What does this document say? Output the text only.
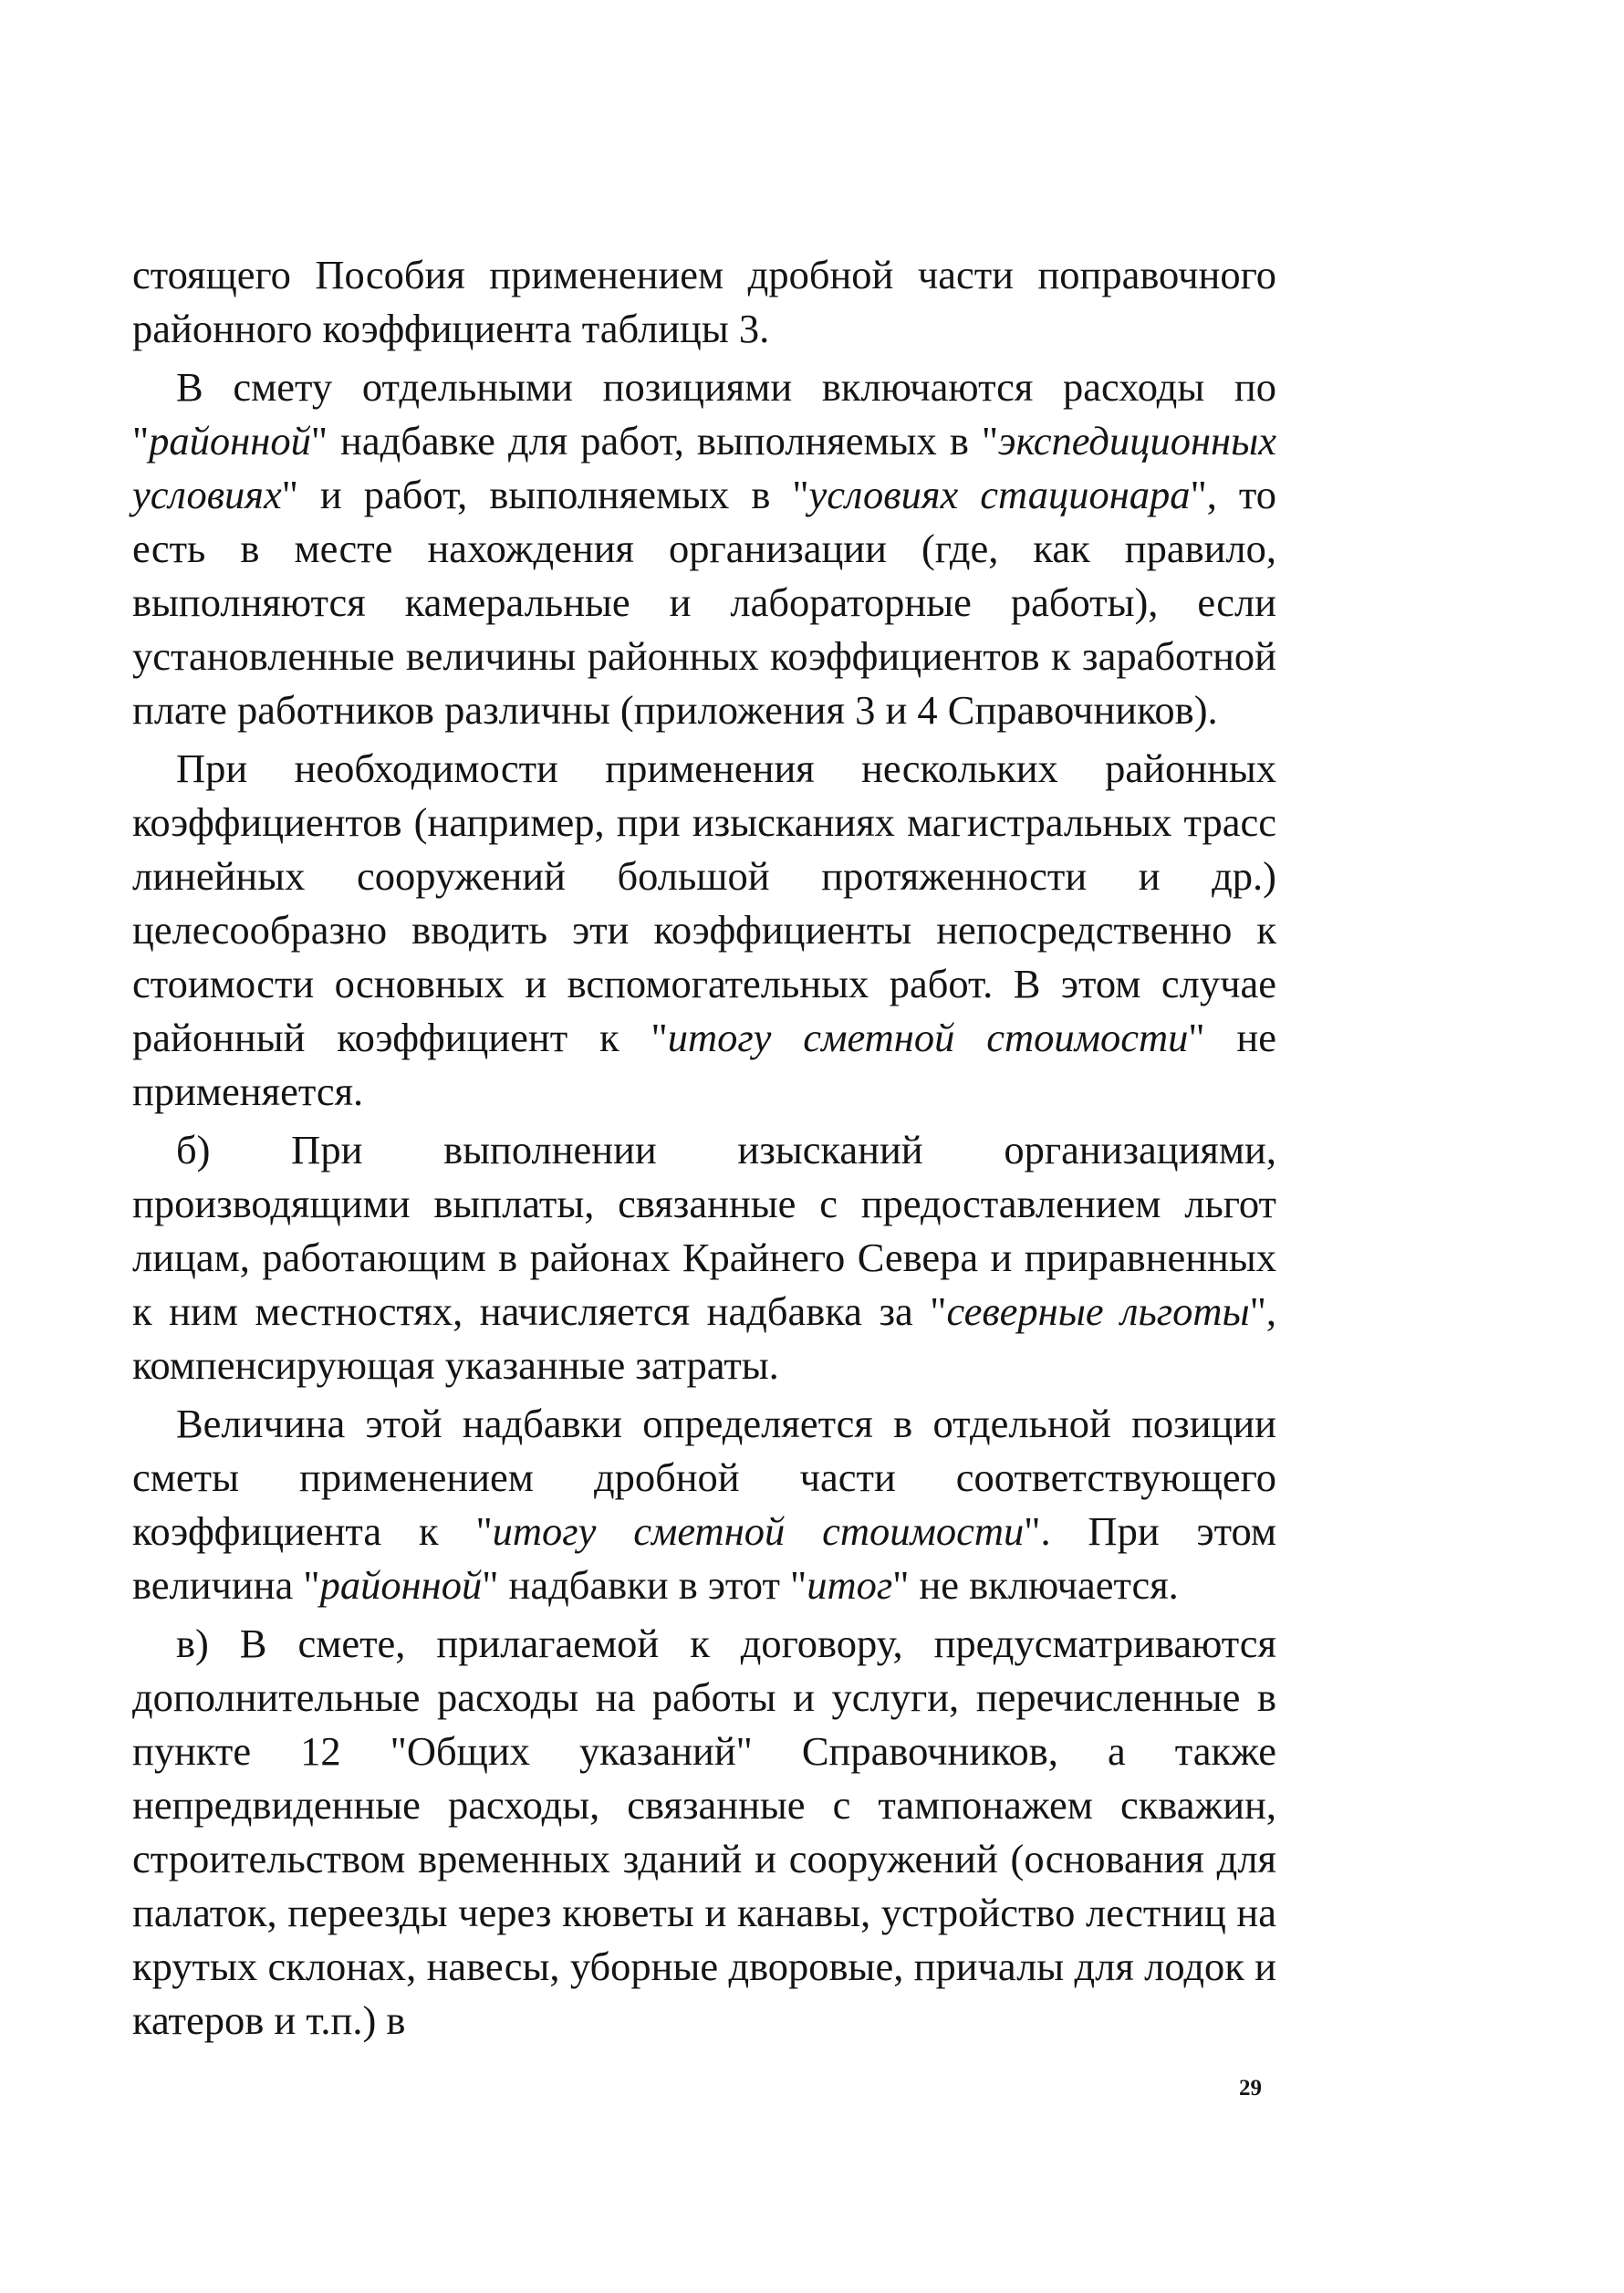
стоящего Пособия применением дробной части поправочного районного коэффициента таблицы 3.

В смету отдельными позициями включаются расходы по "районной" надбавке для работ, выполняемых в "экспедиционных условиях" и работ, выполняемых в "условиях стационара", то есть в месте нахождения организации (где, как правило, выполняются камеральные и лабораторные работы), если установленные величины районных коэффициентов к заработной плате работников различны (приложения 3 и 4 Справочников).

При необходимости применения нескольких районных коэффициентов (например, при изысканиях магистральных трасс линейных сооружений большой протяженности и др.) целесообразно вводить эти коэффициенты непосредственно к стоимости основных и вспомогательных работ. В этом случае районный коэффициент к "итогу сметной стоимости" не применяется.

б) При выполнении изысканий организациями, производящими выплаты, связанные с предоставлением льгот лицам, работающим в районах Крайнего Севера и приравненных к ним местностях, начисляется надбавка за "северные льготы", компенсирующая указанные затраты.

Величина этой надбавки определяется в отдельной позиции сметы применением дробной части соответствующего коэффициента к "итогу сметной стоимости". При этом величина "районной" надбавки в этот "итог" не включается.

в) В смете, прилагаемой к договору, предусматриваются дополнительные расходы на работы и услуги, перечисленные в пункте 12 "Общих указаний" Справочников, а также непредвиденные расходы, связанные с тампонажем скважин, строительством временных зданий и сооружений (основания для палаток, переезды через кюветы и канавы, устройство лестниц на крутых склонах, навесы, уборные дворовые, причалы для лодок и катеров и т.п.) в

29
